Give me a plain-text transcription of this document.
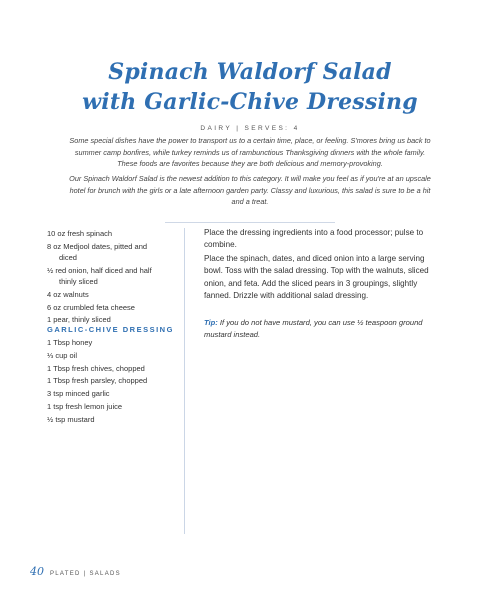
Spinach Waldorf Salad
with Garlic-Chive Dressing
DAIRY | SERVES: 4

Some special dishes have the power to transport us to a certain time, place, or feeling. S'mores bring us back to summer camp bonfires, while turkey reminds us of rambunctious Thanksgiving dinners with the whole family. These foods are favorites because they are both delicious and memory-provoking.

Our Spinach Waldorf Salad is the newest addition to this category. It will make you feel as if you're at an upscale hotel for brunch with the girls or a late afternoon garden party. Classy and luxurious, this salad is sure to be a hit and a treat.

10 oz fresh spinach
8 oz Medjool dates, pitted and diced
½ red onion, half diced and half thinly sliced
4 oz walnuts
6 oz crumbled feta cheese
1 pear, thinly sliced
GARLIC-CHIVE DRESSING
1 Tbsp honey
⅓ cup oil
1 Tbsp fresh chives, chopped
1 Tbsp fresh parsley, chopped
3 tsp minced garlic
1 tsp fresh lemon juice
½ tsp mustard

Place the dressing ingredients into a food processor; pulse to combine.

Place the spinach, dates, and diced onion into a large serving bowl. Toss with the salad dressing. Top with the walnuts, sliced onion, and feta. Add the sliced pears in 3 groupings, slightly fanned. Drizzle with additional salad dressing.

Tip: If you do not have mustard, you can use ½ teaspoon ground mustard instead.

40 PLATED | SALADS
